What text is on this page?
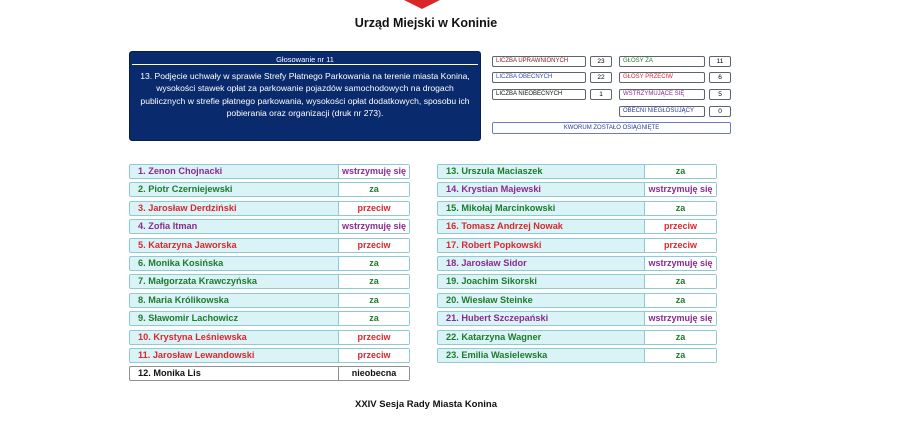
Urząd Miejski w Koninie
Głosowanie nr 11
13. Podjęcie uchwały w sprawie Strefy Płatnego Parkowania na terenie miasta Konina, wysokości stawek opłat za parkowanie pojazdów samochodowych na drogach publicznych w strefie płatnego parkowania, wysokości opłat dodatkowych, sposobu ich pobierania oraz organizacji (druk nr 273).
LICZBA UPRAWNIONYCH	23
LICZBA OBECNYCH	22
LICZBA NIEOBECNYCH	1
GŁOSY ZA	11
GŁOSY PRZECIW	6
WSTRZYMUJĄCE SIĘ	5
OBECNI NIEGŁOSUJĄCY	0
KWORUM ZOSTAŁO OSIĄGNIĘTE
1. Zenon Chojnacki	wstrzymuję się
2. Piotr Czerniejewski	za
3. Jarosław Derdziński	przeciw
4. Zofia Itman	wstrzymuję się
5. Katarzyna Jaworska	przeciw
6. Monika Kosińska	za
7. Małgorzata Krawczyńska	za
8. Maria Królikowska	za
9. Sławomir Lachowicz	za
10. Krystyna Leśniewska	przeciw
11. Jarosław Lewandowski	przeciw
12. Monika Lis	nieobecna
13. Urszula Maciaszek	za
14. Krystian Majewski	wstrzymuję się
15. Mikołaj Marcinkowski	za
16. Tomasz Andrzej Nowak	przeciw
17. Robert Popkowski	przeciw
18. Jarosław Sidor	wstrzymuję się
19. Joachim Sikorski	za
20. Wiesław Steinke	za
21. Hubert Szczepański	wstrzymuję się
22. Katarzyna Wagner	za
23. Emilia Wasielewska	za
XXIV Sesja Rady Miasta Konina
